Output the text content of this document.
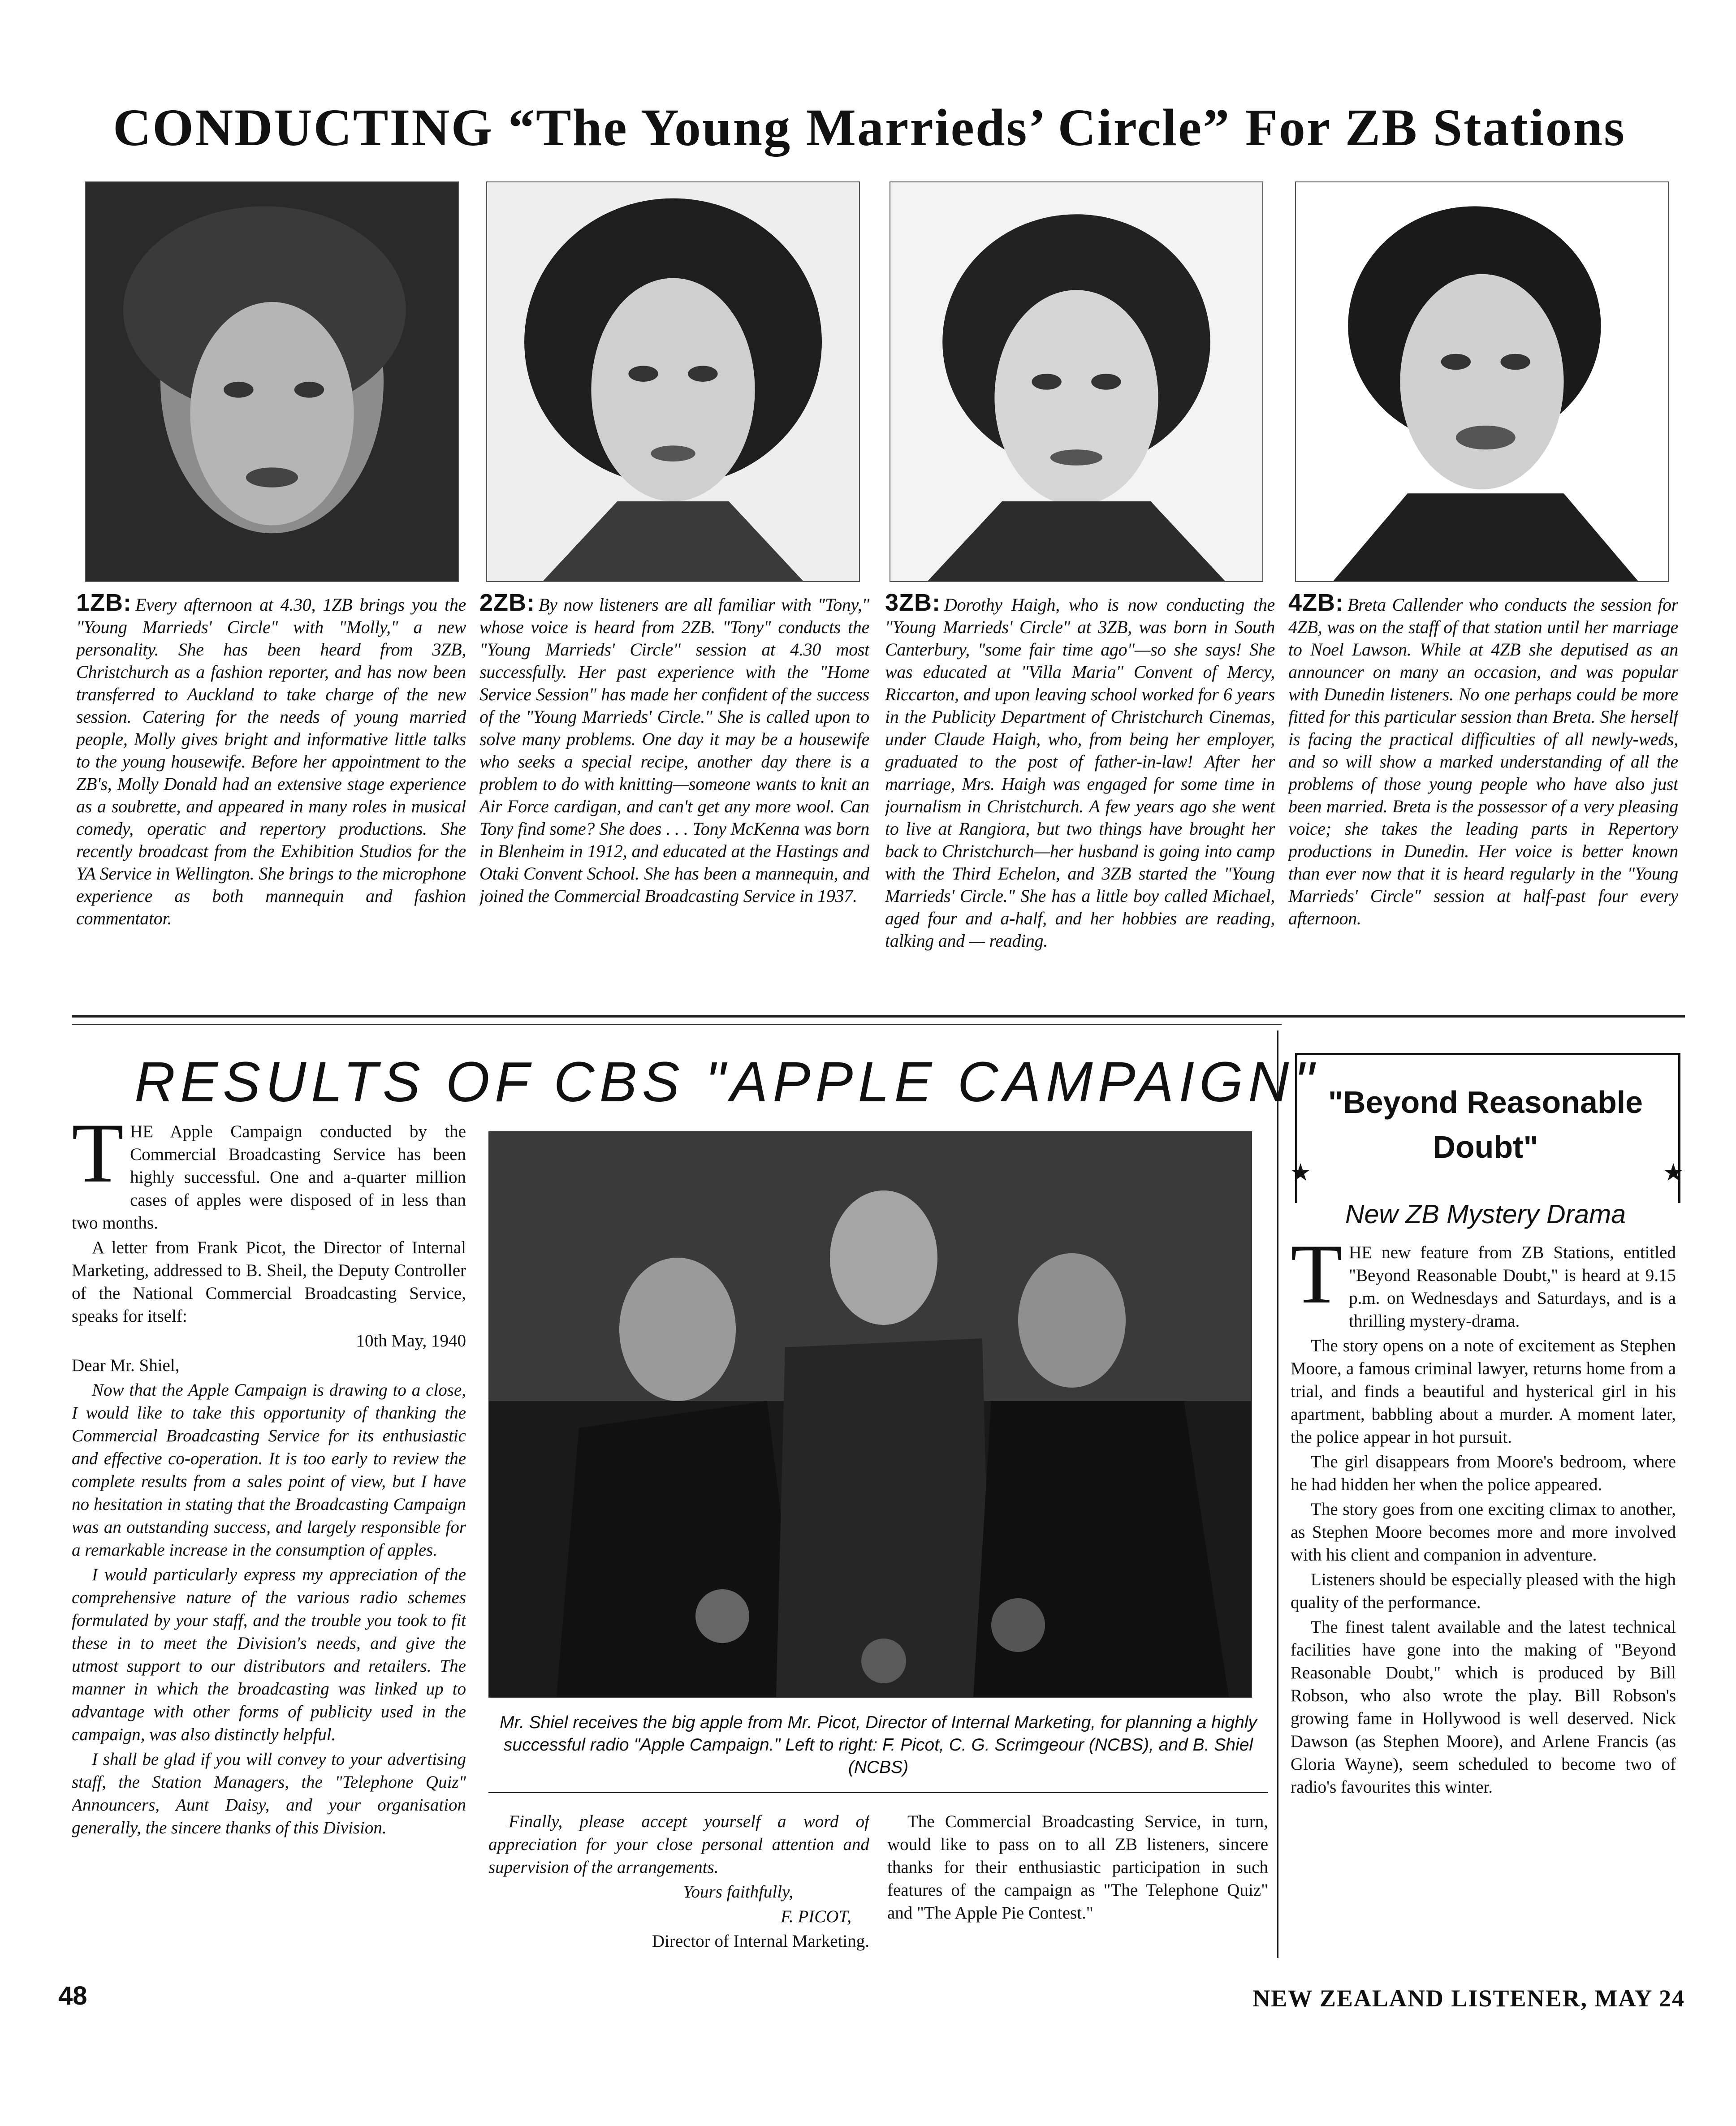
CONDUCTING “The Young Marrieds’ Circle” For ZB Stations
1ZB: Every afternoon at 4.30, 1ZB brings you the "Young Marrieds' Circle" with "Molly," a new personality. She has been heard from 3ZB, Christchurch as a fashion reporter, and has now been transferred to Auckland to take charge of the new session. Catering for the needs of young married people, Molly gives bright and informative little talks to the young housewife. Before her appointment to the ZB's, Molly Donald had an extensive stage experience as a soubrette, and appeared in many roles in musical comedy, operatic and repertory productions. She recently broadcast from the Exhibition Studios for the YA Service in Wellington. She brings to the microphone experience as both mannequin and fashion commentator.
2ZB: By now listeners are all familiar with "Tony," whose voice is heard from 2ZB. "Tony" conducts the "Young Marrieds' Circle" session at 4.30 most successfully. Her past experience with the "Home Service Session" has made her confident of the success of the "Young Marrieds' Circle." She is called upon to solve many problems. One day it may be a housewife who seeks a special recipe, another day there is a problem to do with knitting—someone wants to knit an Air Force cardigan, and can't get any more wool. Can Tony find some? She does . . . Tony McKenna was born in Blenheim in 1912, and educated at the Hastings and Otaki Convent School. She has been a mannequin, and joined the Commercial Broadcasting Service in 1937.
3ZB: Dorothy Haigh, who is now conducting the "Young Marrieds' Circle" at 3ZB, was born in South Canterbury, "some fair time ago"—so she says! She was educated at "Villa Maria" Convent of Mercy, Riccarton, and upon leaving school worked for 6 years in the Publicity Department of Christchurch Cinemas, under Claude Haigh, who, from being her employer, graduated to the post of father-in-law! After her marriage, Mrs. Haigh was engaged for some time in journalism in Christchurch. A few years ago she went to live at Rangiora, but two things have brought her back to Christchurch—her husband is going into camp with the Third Echelon, and 3ZB started the "Young Marrieds' Circle." She has a little boy called Michael, aged four and a-half, and her hobbies are reading, talking and — reading.
4ZB: Breta Callender who conducts the session for 4ZB, was on the staff of that station until her marriage to Noel Lawson. While at 4ZB she deputised as an announcer on many an occasion, and was popular with Dunedin listeners. No one perhaps could be more fitted for this particular session than Breta. She herself is facing the practical difficulties of all newly-weds, and so will show a marked understanding of all the problems of those young people who have also just been married. Breta is the possessor of a very pleasing voice; she takes the leading parts in Repertory productions in Dunedin. Her voice is better known than ever now that it is heard regularly in the "Young Marrieds' Circle" session at half-past four every afternoon.
RESULTS OF CBS "APPLE CAMPAIGN"

THE Apple Campaign conducted by the Commercial Broadcasting Service has been highly successful. One and a-quarter million cases of apples were disposed of in less than two months.

A letter from Frank Picot, the Director of Internal Marketing, addressed to B. Sheil, the Deputy Controller of the National Commercial Broadcasting Service, speaks for itself:

10th May, 1940

Dear Mr. Shiel,

Now that the Apple Campaign is drawing to a close, I would like to take this opportunity of thanking the Commercial Broadcasting Service for its enthusiastic and effective co-operation. It is too early to review the complete results from a sales point of view, but I have no hesitation in stating that the Broadcasting Campaign was an outstanding success, and largely responsible for a remarkable increase in the consumption of apples.

I would particularly express my appreciation of the comprehensive nature of the various radio schemes formulated by your staff, and the trouble you took to fit these in to meet the Division's needs, and give the utmost support to our distributors and retailers. The manner in which the broadcasting was linked up to advantage with other forms of publicity used in the campaign, was also distinctly helpful.

I shall be glad if you will convey to your advertising staff, the Station Managers, the "Telephone Quiz" Announcers, Aunt Daisy, and your organisation generally, the sincere thanks of this Division.

Mr. Shiel receives the big apple from Mr. Picot, Director of Internal Marketing, for planning a highly successful radio "Apple Campaign." Left to right: F. Picot, C. G. Scrimgeour (NCBS), and B. Shiel (NCBS)

Finally, please accept yourself a word of appreciation for your close personal attention and supervision of the arrangements.

Yours faithfully,

F. PICOT,

Director of Internal Marketing.

The Commercial Broadcasting Service, in turn, would like to pass on to all ZB listeners, sincere thanks for their enthusiastic participation in such features of the campaign as "The Telephone Quiz" and "The Apple Pie Contest."

"Beyond Reasonable Doubt"
★	★
New ZB Mystery Drama

THE new feature from ZB Stations, entitled "Beyond Reasonable Doubt," is heard at 9.15 p.m. on Wednesdays and Saturdays, and is a thrilling mystery-drama.

The story opens on a note of excitement as Stephen Moore, a famous criminal lawyer, returns home from a trial, and finds a beautiful and hysterical girl in his apartment, babbling about a murder. A moment later, the police appear in hot pursuit.

The girl disappears from Moore's bedroom, where he had hidden her when the police appeared.

The story goes from one exciting climax to another, as Stephen Moore becomes more and more involved with his client and companion in adventure.

Listeners should be especially pleased with the high quality of the performance.

The finest talent available and the latest technical facilities have gone into the making of "Beyond Reasonable Doubt," which is produced by Bill Robson, who also wrote the play. Bill Robson's growing fame in Hollywood is well deserved. Nick Dawson (as Stephen Moore), and Arlene Francis (as Gloria Wayne), seem scheduled to become two of radio's favourites this winter.

48	NEW ZEALAND LISTENER, MAY 24
